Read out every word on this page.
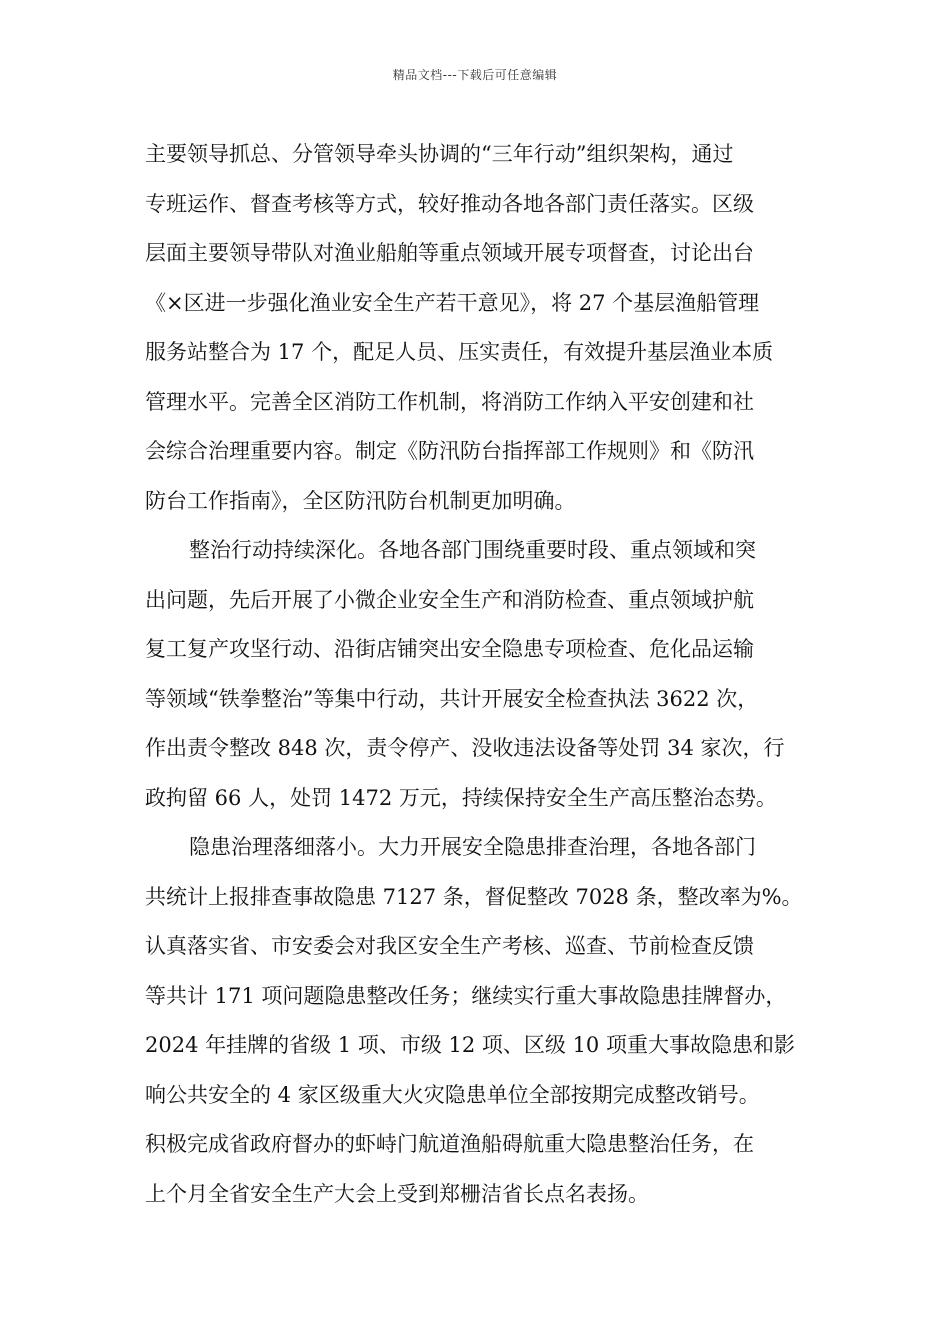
精品文档---下载后可任意编辑
主要领导抓总、分管领导牵头协调的“三年行动”组织架构，通过
专班运作、督查考核等方式，较好推动各地各部门责任落实。区级
层面主要领导带队对渔业船舶等重点领域开展专项督查，讨论出台
《×区进一步强化渔业安全生产若干意见》，将 27 个基层渔船管理
服务站整合为 17 个，配足人员、压实责任，有效提升基层渔业本质
管理水平。完善全区消防工作机制，将消防工作纳入平安创建和社
会综合治理重要内容。制定《防汛防台指挥部工作规则》和《防汛
防台工作指南》，全区防汛防台机制更加明确。
整治行动持续深化。各地各部门围绕重要时段、重点领域和突
出问题，先后开展了小微企业安全生产和消防检查、重点领域护航
复工复产攻坚行动、沿街店铺突出安全隐患专项检查、危化品运输
等领域“铁拳整治”等集中行动，共计开展安全检查执法 3622 次，
作出责令整改 848 次，责令停产、没收违法设备等处罚 34 家次，行
政拘留 66 人，处罚 1472 万元，持续保持安全生产高压整治态势。
隐患治理落细落小。大力开展安全隐患排查治理，各地各部门
共统计上报排查事故隐患 7127 条，督促整改 7028 条，整改率为%。
认真落实省、市安委会对我区安全生产考核、巡查、节前检查反馈
等共计 171 项问题隐患整改任务；继续实行重大事故隐患挂牌督办，
2024 年挂牌的省级 1 项、市级 12 项、区级 10 项重大事故隐患和影
响公共安全的 4 家区级重大火灾隐患单位全部按期完成整改销号。
积极完成省政府督办的虾峙门航道渔船碍航重大隐患整治任务，在
上个月全省安全生产大会上受到郑栅洁省长点名表扬。
